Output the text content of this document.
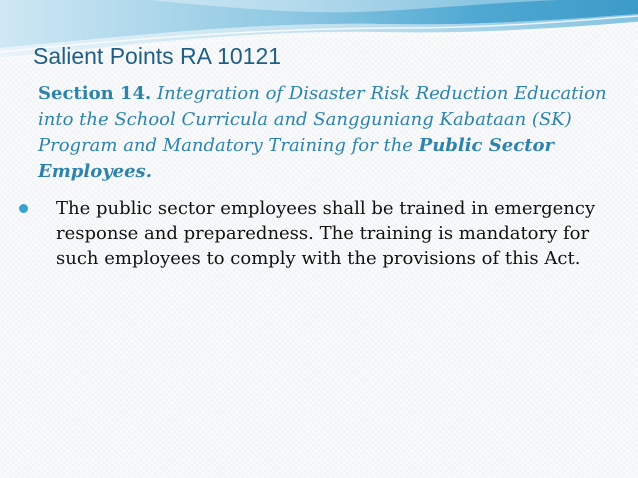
Salient Points RA 10121

Section 14. Integration of Disaster Risk Reduction Education into the School Curricula and Sangguniang Kabataan (SK) Program and Mandatory Training for the Public Sector Employees.

The public sector employees shall be trained in emergency response and preparedness. The training is mandatory for such employees to comply with the provisions of this Act.
